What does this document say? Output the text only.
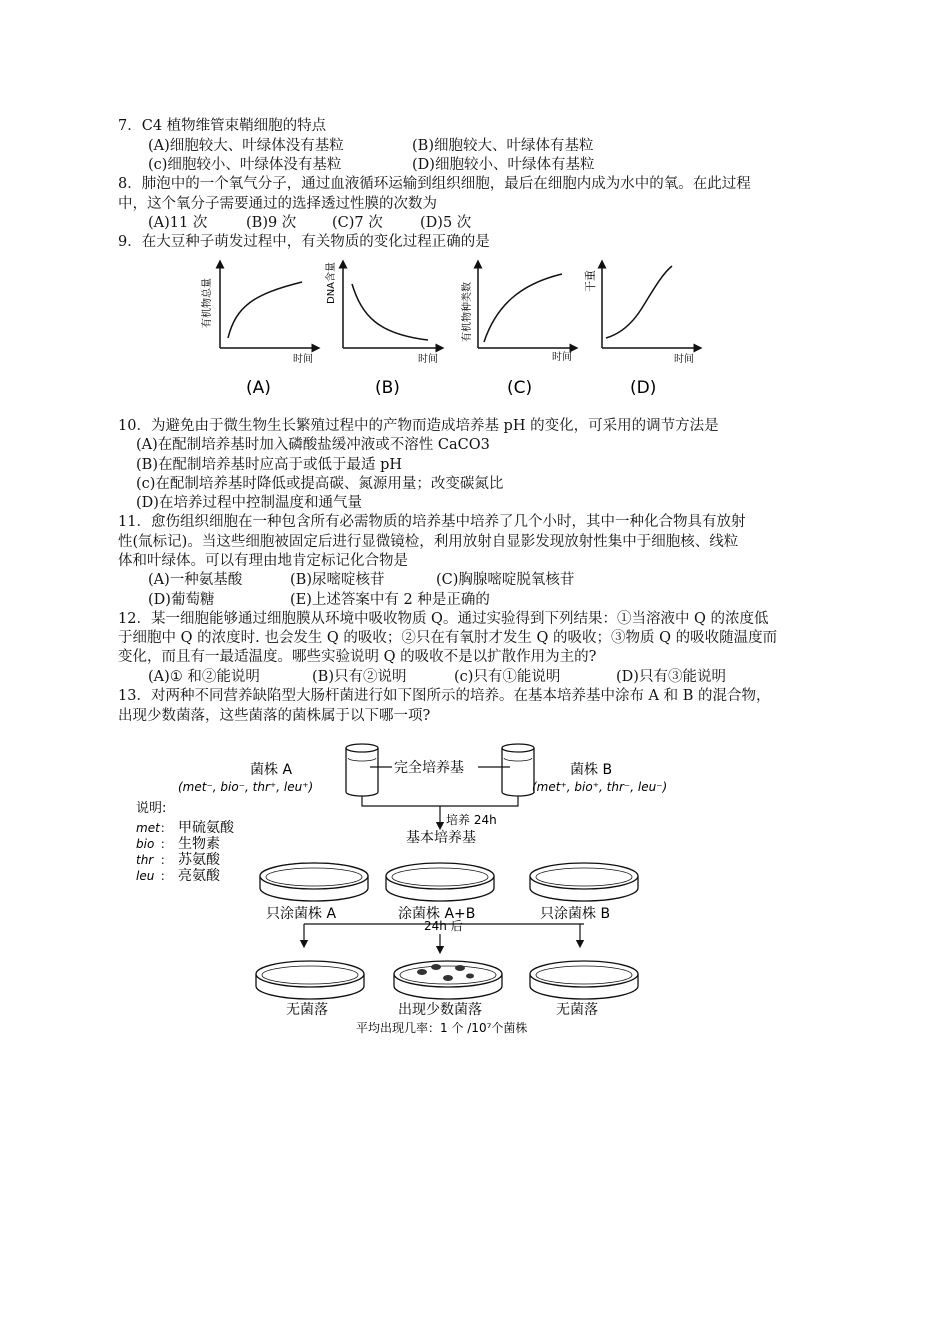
7．C4 植物维管束鞘细胞的特点
(A)细胞较大、叶绿体没有基粒	(B)细胞较大、叶绿体有基粒
(c)细胞较小、叶绿体没有基粒	(D)细胞较小、叶绿体有基粒
8．肺泡中的一个氧气分子，通过血液循环运输到组织细胞，最后在细胞内成为水中的氧。在此过程
中，这个氧分子需要通过的选择透过性膜的次数为
(A)11 次	(B)9 次 (C)7 次	(D)5 次
9．在大豆种子萌发过程中，有关物质的变化过程正确的是
有机物总量
时间
(A)
DNA含量
时间
(B)
有机物种类数
时间
(C)
干重
时间
(D)
10．为避免由于微生物生长繁殖过程中的产物而造成培养基 pH 的变化，可采用的调节方法是
(A)在配制培养基时加入磷酸盐缓冲液或不溶性 CaCO3
(B)在配制培养基时应高于或低于最适 pH
(c)在配制培养基时降低或提高碳、氮源用量；改变碳氮比
(D)在培养过程中控制温度和通气量
11．愈伤组织细胞在一种包含所有必需物质的培养基中培养了几个小时，其中一种化合物具有放射
性(氚标记)。当这些细胞被固定后进行显微镜检，利用放射自显影发现放射性集中于细胞核、线粒
体和叶绿体。可以有理由地肯定标记化合物是
(A)一种氨基酸	(B)尿嘧啶核苷	(C)胸腺嘧啶脱氧核苷
(D)葡萄糖	(E)上述答案中有 2 种是正确的
12．某一细胞能够通过细胞膜从环境中吸收物质 Q。通过实验得到下列结果：①当溶液中 Q 的浓度低
于细胞中 Q 的浓度时. 也会发生 Q 的吸收；②只在有氧肘才发生 Q 的吸收；③物质 Q 的吸收随温度而
变化，而且有一最适温度。哪些实验说明 Q 的吸收不是以扩散作用为主的?
(A)① 和②能说明	(B)只有②说明	(c)只有①能说明	(D)只有③能说明
13．对两种不同营养缺陷型大肠杆菌进行如下图所示的培养。在基本培养基中涂布 A 和 B 的混合物，
出现少数菌落，这些菌落的菌株属于以下哪一项?
菌株 A
(met⁻, bio⁻, thr⁺, leu⁺)
菌株 B
(met⁺, bio⁺, thr⁻, leu⁻)
完全培养基
培养 24h
基本培养基
说明:
met ： 甲硫氨酸
bio ： 生物素
thr ： 苏氨酸
leu ： 亮氨酸
只涂菌株 A	涂菌株 A+B	只涂菌株 B
24h 后
无菌落	出现少数菌落	无菌落
平均出现几率：1 个 /10⁷个菌株
